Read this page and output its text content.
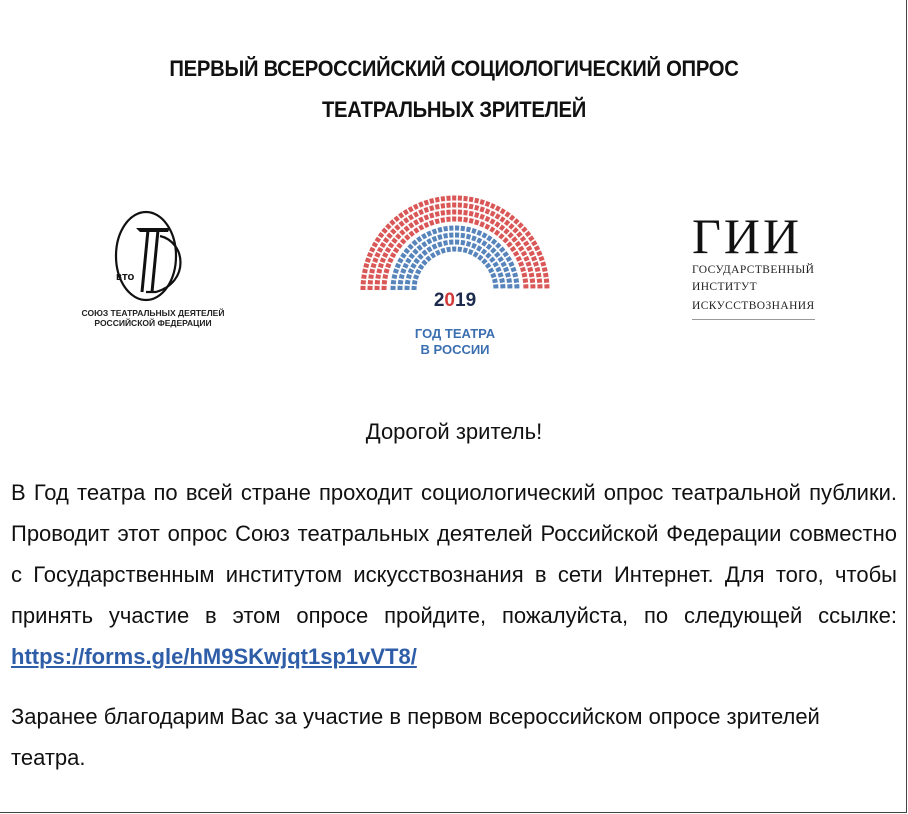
ПЕРВЫЙ ВСЕРОССИЙСКИЙ СОЦИОЛОГИЧЕСКИЙ ОПРОС
ТЕАТРАЛЬНЫХ ЗРИТЕЛЕЙ
ВТО
СОЮЗ ТЕАТРАЛЬНЫХ ДЕЯТЕЛЕЙ
РОССИЙСКОЙ ФЕДЕРАЦИИ
2019
ГОД ТЕАТРА
В РОССИИ
ГИИ
ГОСУДАРСТВЕННЫЙ
ИНСТИТУТ
ИСКУССТВОЗНАНИЯ
Дорогой зритель!

В Год театра по всей стране проходит социологический опрос театральной публики. Проводит этот опрос Союз театральных деятелей Российской Федерации совместно с Государственным институтом искусствознания в сети Интернет. Для того, чтобы принять участие в этом опросе пройдите, пожалуйста, по следующей ссылке: https://forms.gle/hM9SKwjqt1sp1vVT8/

Заранее благодарим Вас за участие в первом всероссийском опросе зрителей театра.
